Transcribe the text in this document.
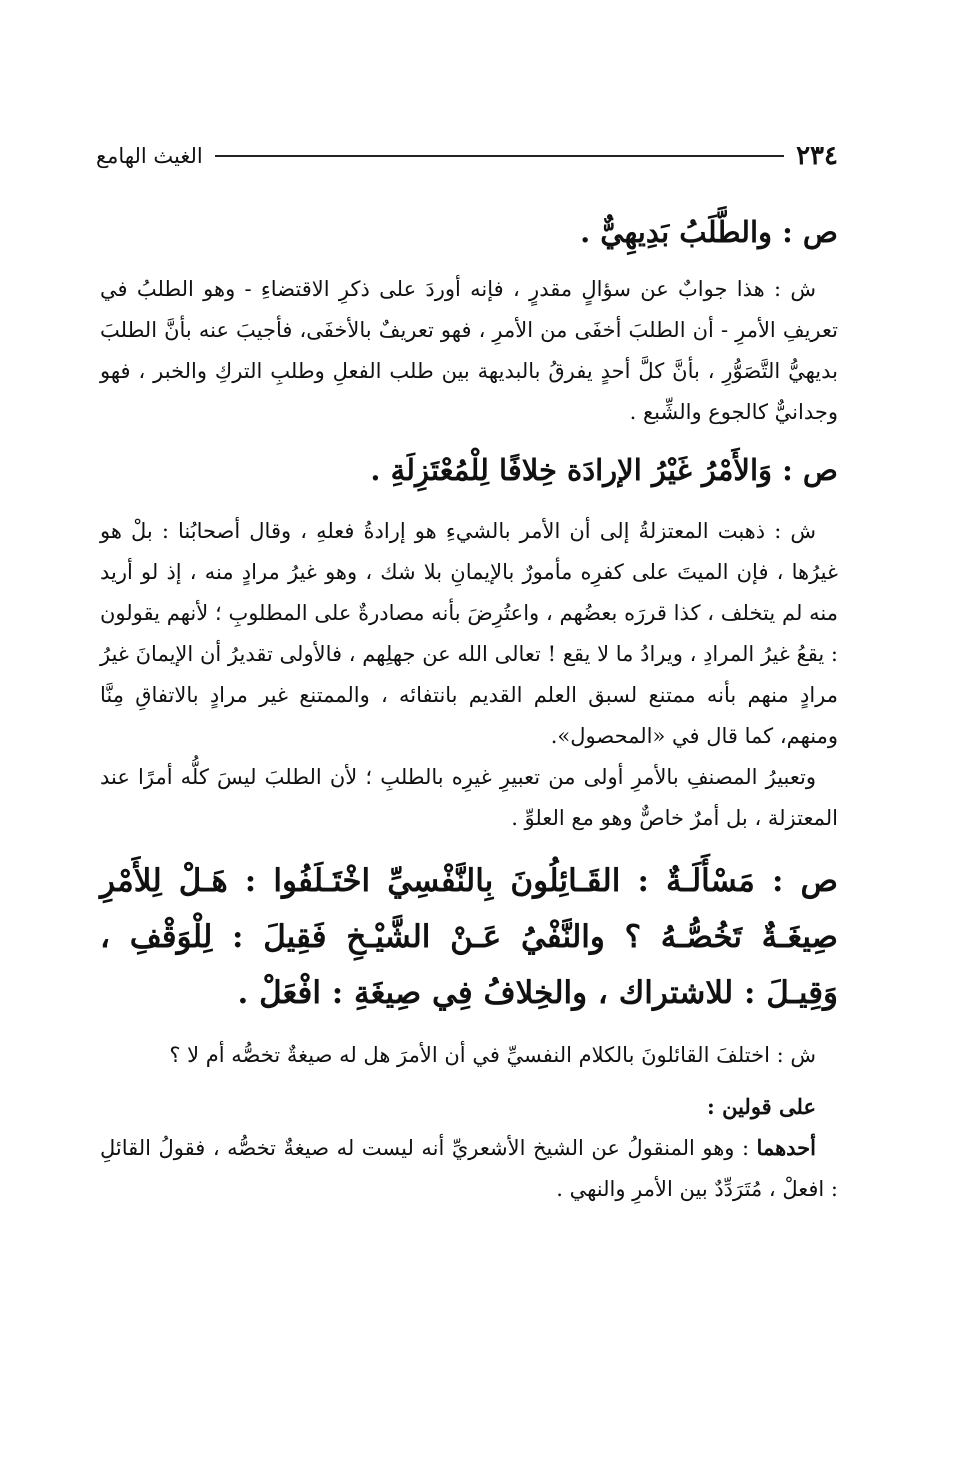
٢٣٤
الغيث الهامع

ص : والطَّلَبُ بَدِيهِيٌّ .

ش : هذا جوابٌ عن سؤالٍ مقدرٍ ، فإنه أوردَ على ذكرِ الاقتضاءِ - وهو الطلبُ في تعريفِ الأمرِ - أن الطلبَ أخفَى من الأمرِ ، فهو تعريفٌ بالأخفَى، فأجيبَ عنه بأنَّ الطلبَ بديهيُّ التَّصَوُّرِ ، بأنَّ كلَّ أحدٍ يفرقُ بالبديهة بين طلب الفعلِ وطلبِ التركِ والخبر ، فهو وجدانيٌّ كالجوع والشِّبع .

ص : وَالأَمْرُ غَيْرُ الإرادَة خِلافًا لِلْمُعْتَزِلَةِ .

ش : ذهبت المعتزلةُ إلى أن الأمر بالشيءِ هو إرادةُ فعلهِ ، وقال أصحابُنا : بلْ هو غيرُها ، فإن الميتَ على كفرِه مأمورٌ بالإيمانِ بلا شك ، وهو غيرُ مرادٍ منه ، إذ لو أريد منه لم يتخلف ، كذا قررَه بعضُهم ، واعتُرِضَ بأنه مصادرةٌ على المطلوبِ ؛ لأنهم يقولون : يقعُ غيرُ المرادِ ، ويرادُ ما لا يقع ! تعالى الله عن جهلِهم ، فالأولى تقديرُ أن الإيمانَ غيرُ مرادٍ منهم بأنه ممتنع لسبق العلم القديم بانتفائه ، والممتنع غير مرادٍ بالاتفاقِ مِنَّا ومنهم، كما قال في «المحصول».

وتعبيرُ المصنفِ بالأمرِ أولى من تعبيرِ غيرِه بالطلبِ ؛ لأن الطلبَ ليسَ كلُّه أمرًا عند المعتزلة ، بل أمرٌ خاصٌّ وهو مع العلوِّ .

ص : مَسْأَلَـةٌ : القَـائِلُونَ بِالنَّفْسِيِّ اخْتَـلَفُوا : هَـلْ لِلأَمْرِ صِيغَـةٌ تَخُصُّـهُ ؟ والنَّفْيُ عَـنْ الشَّيْـخِ فَقِيلَ : لِلْوَقْفِ ، وَقِيـلَ : للاشتراك ، والخِلافُ فِي صِيغَةِ : افْعَلْ .

ش : اختلفَ القائلونَ بالكلام النفسيِّ في أن الأمرَ هل له صيغةٌ تخصُّه أم لا ؟

على قولين :

أحدهما : وهو المنقولُ عن الشيخ الأشعريِّ أنه ليست له صيغةٌ تخصُّه ، فقولُ القائلِ : افعلْ ، مُتَرَدِّدٌ بين الأمرِ والنهي .
